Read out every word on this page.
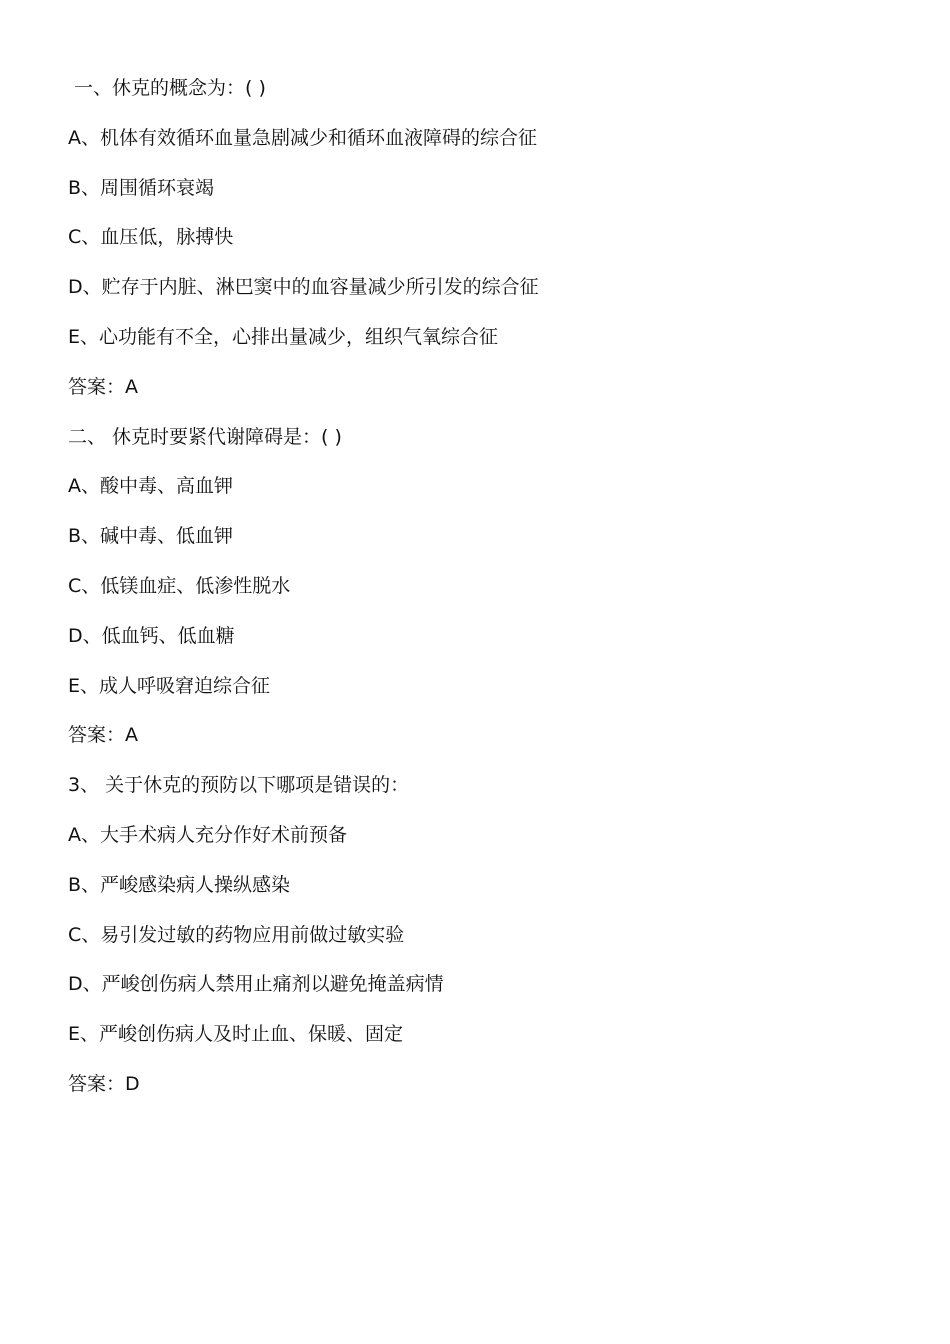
一、休克的概念为：( )
A、机体有效循环血量急剧减少和循环血液障碍的综合征
B、周围循环衰竭
C、血压低，脉搏快
D、贮存于内脏、淋巴窦中的血容量减少所引发的综合征
E、心功能有不全，心排出量减少，组织气氧综合征
答案：A
二、 休克时要紧代谢障碍是：( )
A、酸中毒、高血钾
B、碱中毒、低血钾
C、低镁血症、低渗性脱水
D、低血钙、低血糖
E、成人呼吸窘迫综合征
答案：A
3、 关于休克的预防以下哪项是错误的：
A、大手术病人充分作好术前预备
B、严峻感染病人操纵感染
C、易引发过敏的药物应用前做过敏实验
D、严峻创伤病人禁用止痛剂以避免掩盖病情
E、严峻创伤病人及时止血、保暖、固定
答案：D
